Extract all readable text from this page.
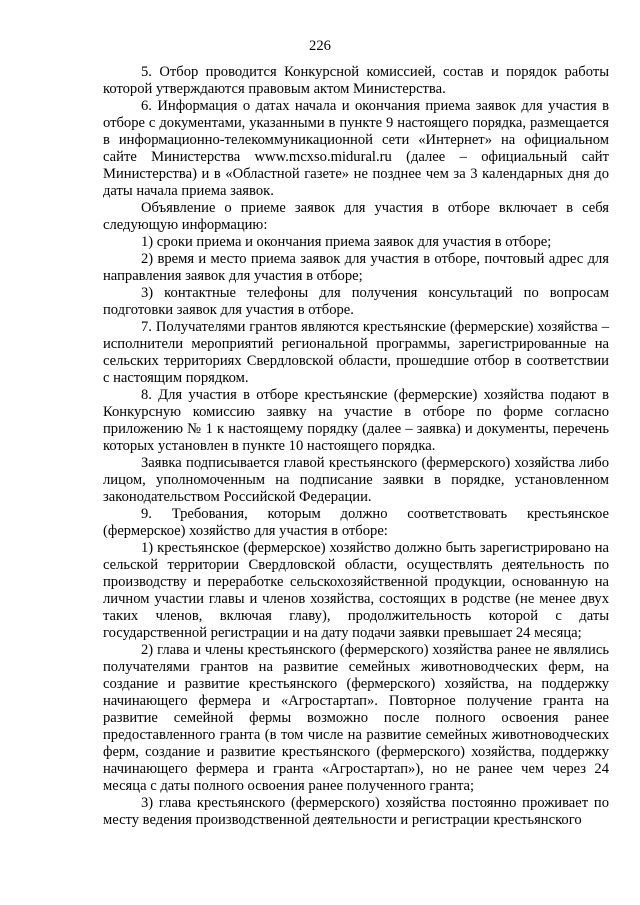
226

5. Отбор проводится Конкурсной комиссией, состав и порядок работы которой утверждаются правовым актом Министерства.

6. Информация о датах начала и окончания приема заявок для участия в отборе с документами, указанными в пункте 9 настоящего порядка, размещается в информационно-телекоммуникационной сети «Интернет» на официальном сайте Министерства www.mcxso.midural.ru (далее – официальный сайт Министерства) и в «Областной газете» не позднее чем за 3 календарных дня до даты начала приема заявок.

Объявление о приеме заявок для участия в отборе включает в себя следующую информацию:

1) сроки приема и окончания приема заявок для участия в отборе;

2) время и место приема заявок для участия в отборе, почтовый адрес для направления заявок для участия в отборе;

3) контактные телефоны для получения консультаций по вопросам подготовки заявок для участия в отборе.

7. Получателями грантов являются крестьянские (фермерские) хозяйства – исполнители мероприятий региональной программы, зарегистрированные на сельских территориях Свердловской области, прошедшие отбор в соответствии с настоящим порядком.

8. Для участия в отборе крестьянские (фермерские) хозяйства подают в Конкурсную комиссию заявку на участие в отборе по форме согласно приложению № 1 к настоящему порядку (далее – заявка) и документы, перечень которых установлен в пункте 10 настоящего порядка.

Заявка подписывается главой крестьянского (фермерского) хозяйства либо лицом, уполномоченным на подписание заявки в порядке, установленном законодательством Российской Федерации.

9. Требования, которым должно соответствовать крестьянское (фермерское) хозяйство для участия в отборе:

1) крестьянское (фермерское) хозяйство должно быть зарегистрировано на сельской территории Свердловской области, осуществлять деятельность по производству и переработке сельскохозяйственной продукции, основанную на личном участии главы и членов хозяйства, состоящих в родстве (не менее двух таких членов, включая главу), продолжительность которой с даты государственной регистрации и на дату подачи заявки превышает 24 месяца;

2) глава и члены крестьянского (фермерского) хозяйства ранее не являлись получателями грантов на развитие семейных животноводческих ферм, на создание и развитие крестьянского (фермерского) хозяйства, на поддержку начинающего фермера и «Агростартап». Повторное получение гранта на развитие семейной фермы возможно после полного освоения ранее предоставленного гранта (в том числе на развитие семейных животноводческих ферм, создание и развитие крестьянского (фермерского) хозяйства, поддержку начинающего фермера и гранта «Агростартап»), но не ранее чем через 24 месяца с даты полного освоения ранее полученного гранта;

3) глава крестьянского (фермерского) хозяйства постоянно проживает по месту ведения производственной деятельности и регистрации крестьянского
